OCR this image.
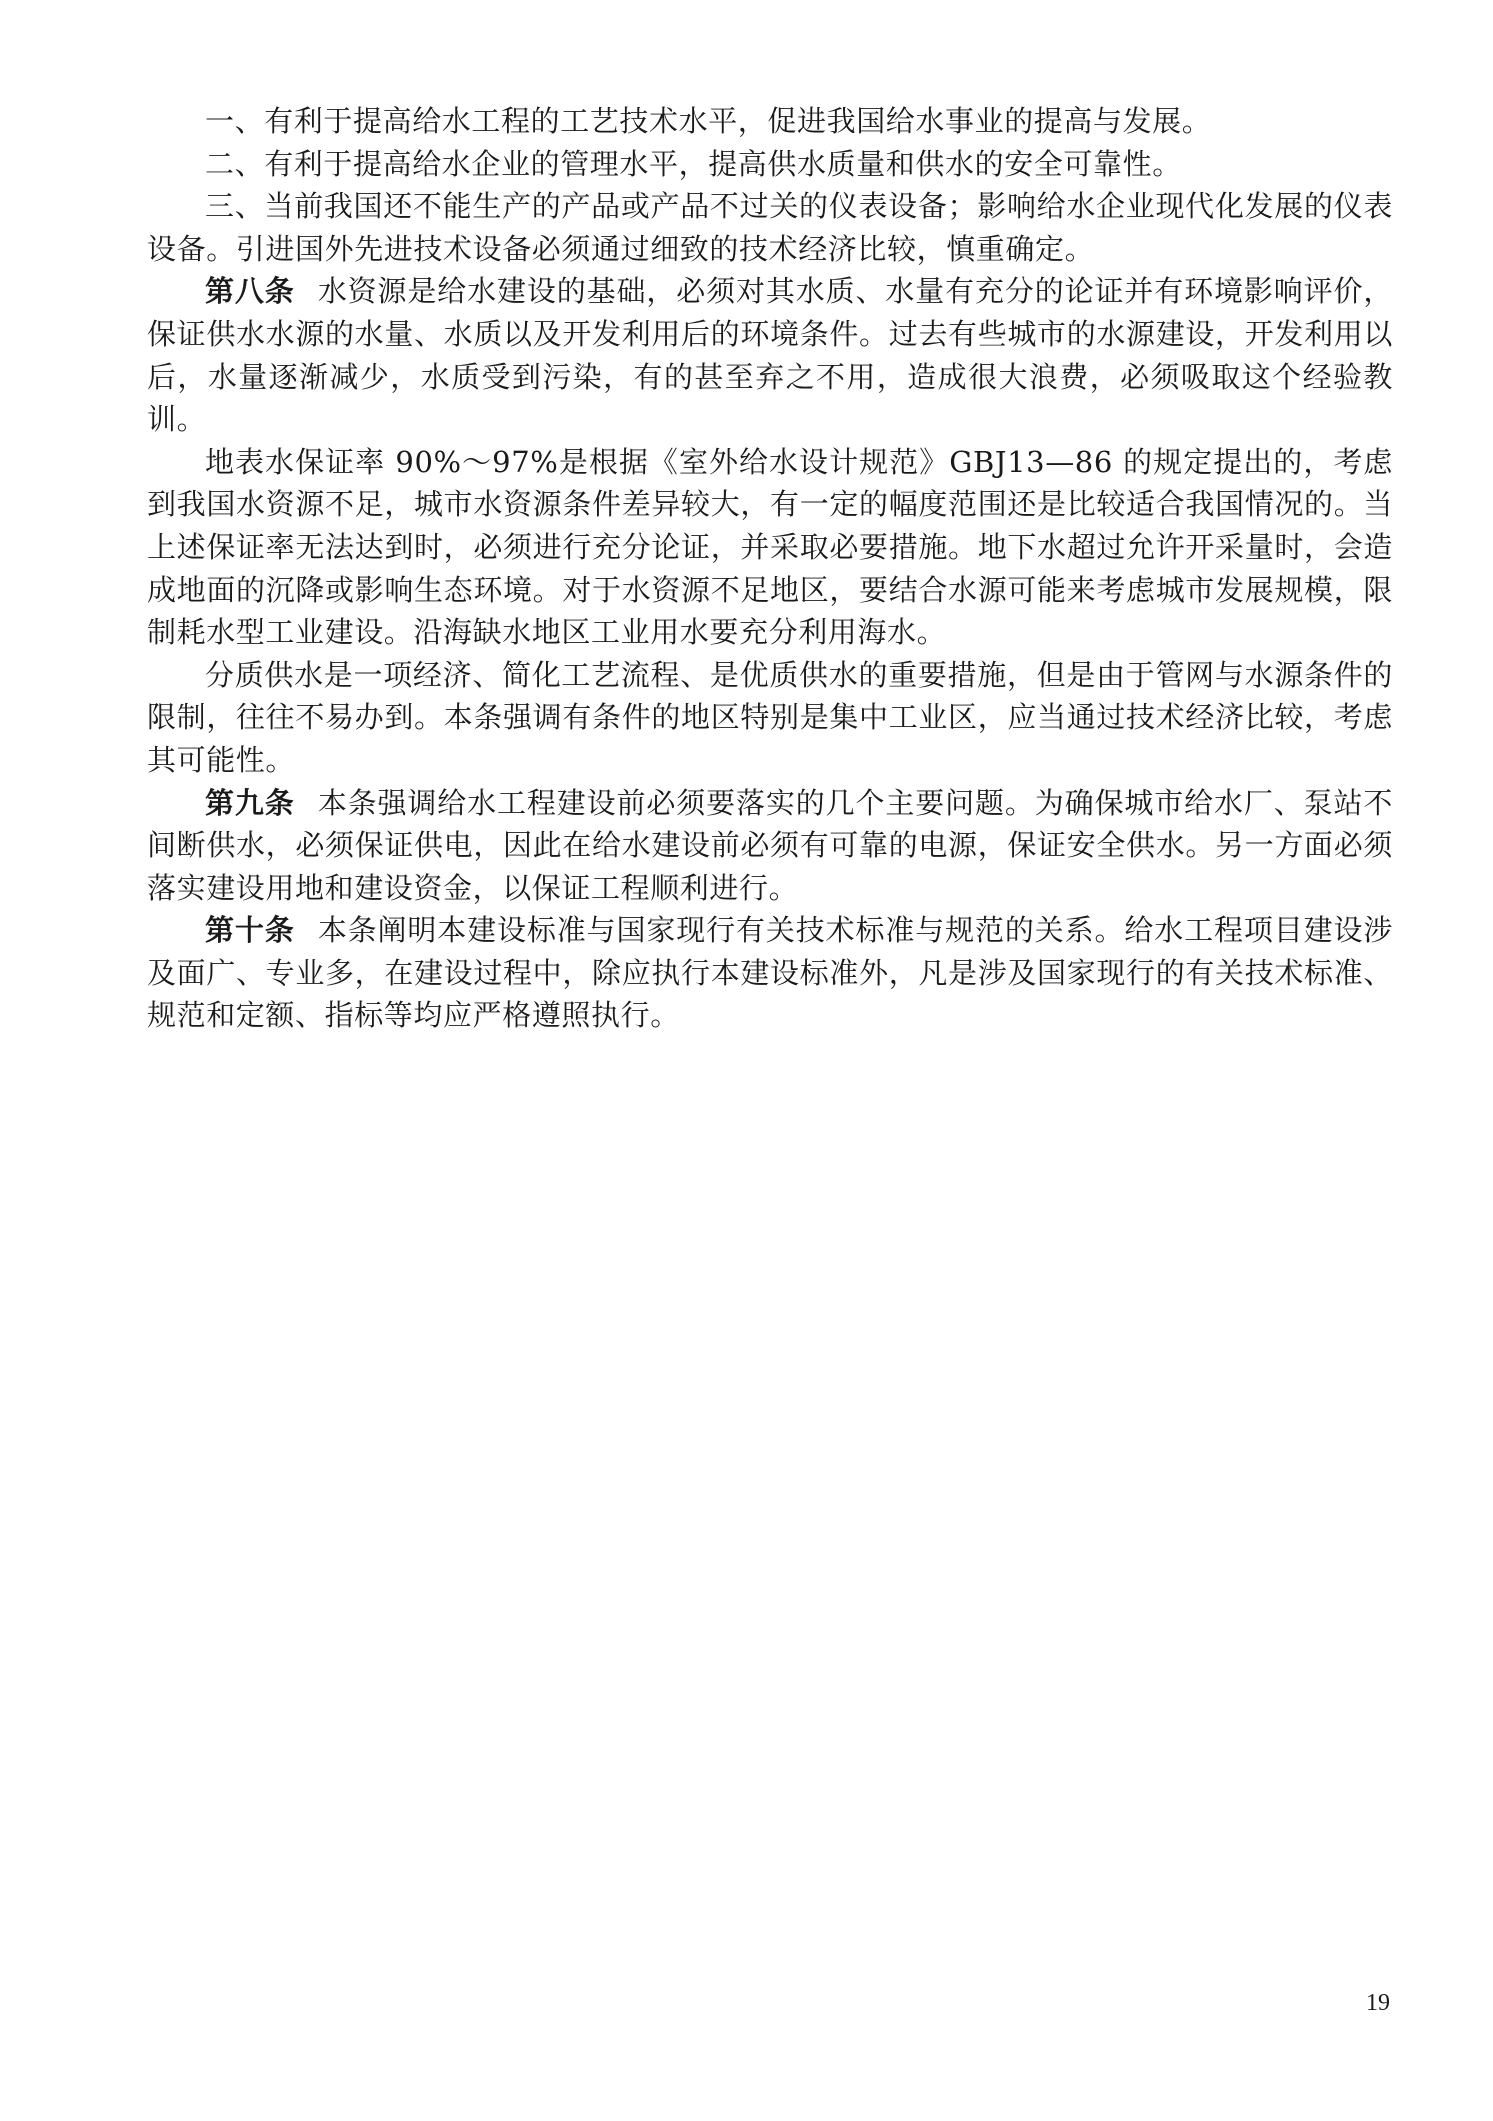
一、有利于提高给水工程的工艺技术水平，促进我国给水事业的提高与发展。

二、有利于提高给水企业的管理水平，提高供水质量和供水的安全可靠性。

三、当前我国还不能生产的产品或产品不过关的仪表设备；影响给水企业现代化发展的仪表设备。引进国外先进技术设备必须通过细致的技术经济比较，慎重确定。

第八条 水资源是给水建设的基础，必须对其水质、水量有充分的论证并有环境影响评价，保证供水水源的水量、水质以及开发利用后的环境条件。过去有些城市的水源建设，开发利用以后，水量逐渐减少，水质受到污染，有的甚至弃之不用，造成很大浪费，必须吸取这个经验教训。

地表水保证率 90%～97%是根据《室外给水设计规范》GBJ13—86 的规定提出的，考虑到我国水资源不足，城市水资源条件差异较大，有一定的幅度范围还是比较适合我国情况的。当上述保证率无法达到时，必须进行充分论证，并采取必要措施。地下水超过允许开采量时，会造成地面的沉降或影响生态环境。对于水资源不足地区，要结合水源可能来考虑城市发展规模，限制耗水型工业建设。沿海缺水地区工业用水要充分利用海水。

分质供水是一项经济、简化工艺流程、是优质供水的重要措施，但是由于管网与水源条件的限制，往往不易办到。本条强调有条件的地区特别是集中工业区，应当通过技术经济比较，考虑其可能性。

第九条 本条强调给水工程建设前必须要落实的几个主要问题。为确保城市给水厂、泵站不间断供水，必须保证供电，因此在给水建设前必须有可靠的电源，保证安全供水。另一方面必须落实建设用地和建设资金，以保证工程顺利进行。

第十条 本条阐明本建设标准与国家现行有关技术标准与规范的关系。给水工程项目建设涉及面广、专业多，在建设过程中，除应执行本建设标准外，凡是涉及国家现行的有关技术标准、规范和定额、指标等均应严格遵照执行。

19
